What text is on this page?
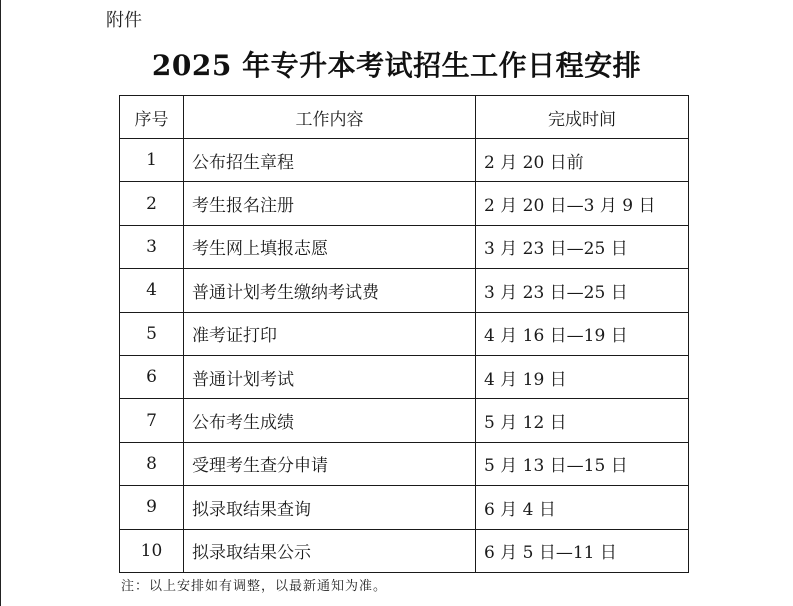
附件
2025 年专升本考试招生工作日程安排
序号	工作内容	完成时间
1	公布招生章程	2 月 20 日前
2	考生报名注册	2 月 20 日—3 月 9 日
3	考生网上填报志愿	3 月 23 日—25 日
4	普通计划考生缴纳考试费	3 月 23 日—25 日
5	准考证打印	4 月 16 日—19 日
6	普通计划考试	4 月 19 日
7	公布考生成绩	5 月 12 日
8	受理考生查分申请	5 月 13 日—15 日
9	拟录取结果查询	6 月 4 日
10	拟录取结果公示	6 月 5 日—11 日
注：以上安排如有调整，以最新通知为准。
